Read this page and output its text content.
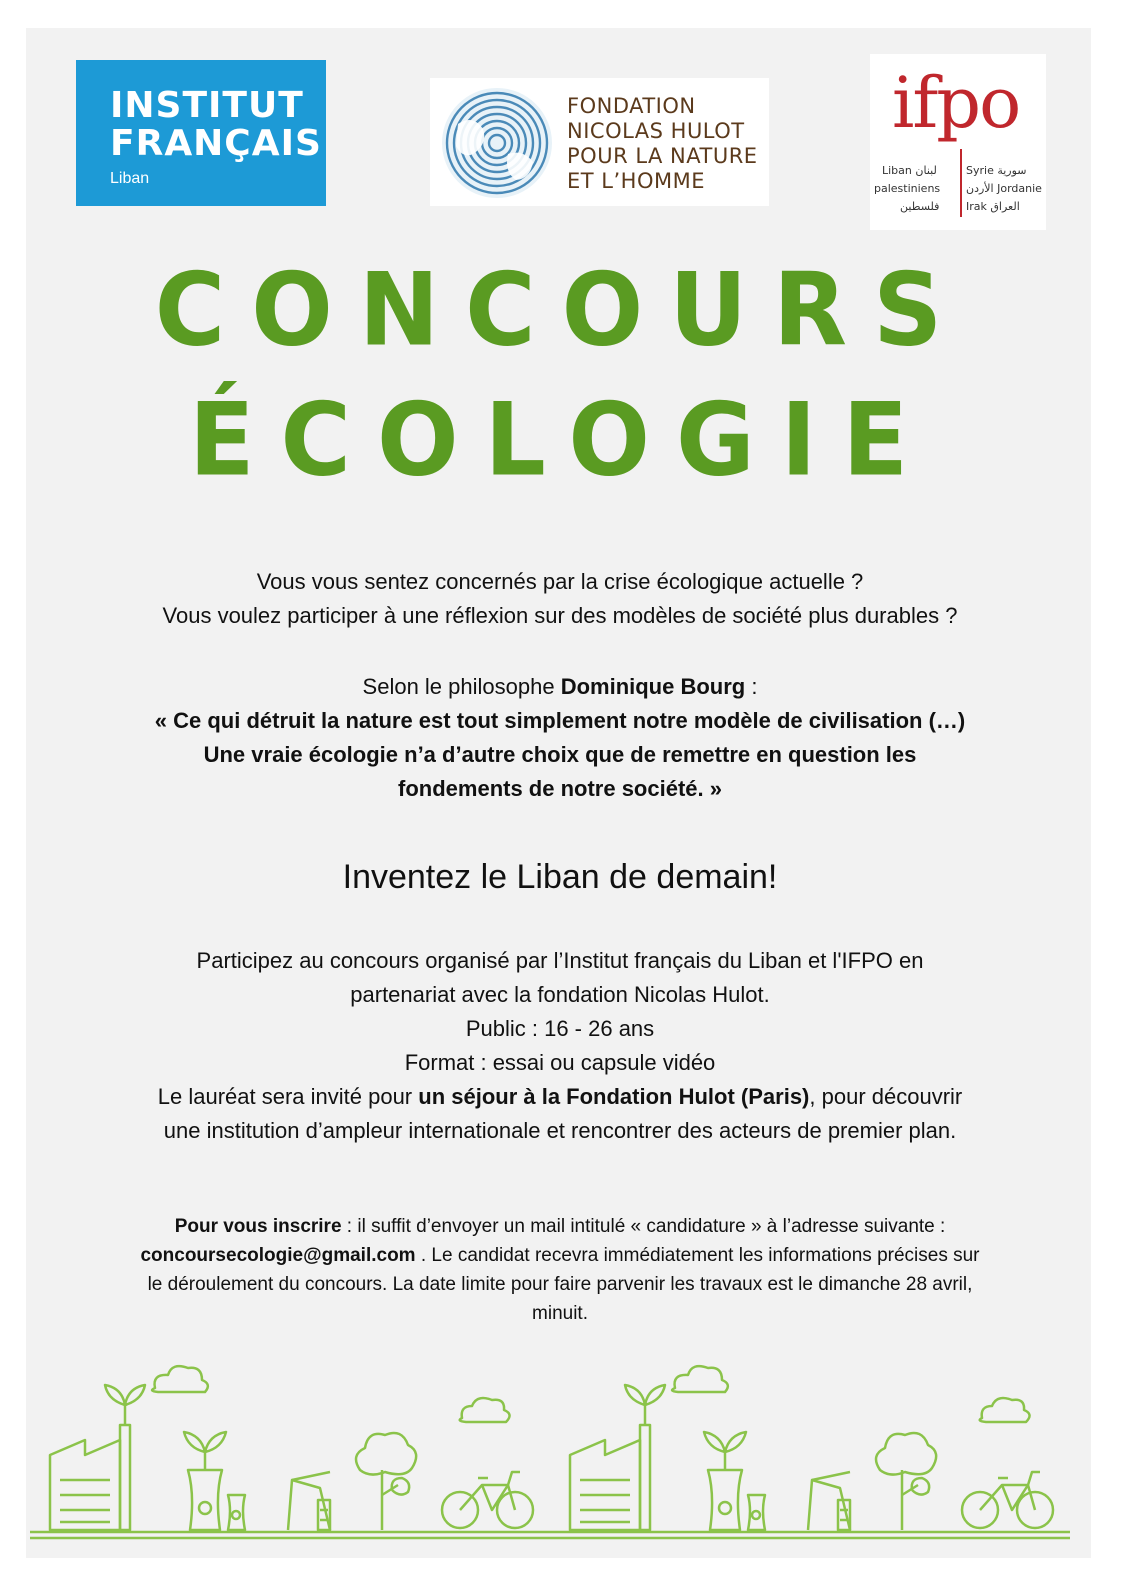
INSTITUT
FRANÇAIS
Liban
FONDATION
NICOLAS HULOT
POUR LA NATURE
ET L’HOMME
ifpo
Liban لبنان
palestiniens
فلسطين
Syrie سورية
الأردن Jordanie
Irak العراق
CONCOURS
ÉCOLOGIE
Vous vous sentez concernés par la crise écologique actuelle ?
Vous voulez participer à une réflexion sur des modèles de société plus durables ?
Selon le philosophe Dominique Bourg :
« Ce qui détruit la nature est tout simplement notre modèle de civilisation (…)
Une vraie écologie n’a d’autre choix que de remettre en question les
fondements de notre société. »
Inventez le Liban de demain!
Participez au concours organisé par l’Institut français du Liban et l'IFPO en
partenariat avec la fondation Nicolas Hulot.
Public : 16 - 26 ans
Format : essai ou capsule vidéo
Le lauréat sera invité pour un séjour à la Fondation Hulot (Paris), pour découvrir
une institution d’ampleur internationale et rencontrer des acteurs de premier plan.
Pour vous inscrire : il suffit d’envoyer un mail intitulé « candidature » à l’adresse suivante :
concoursecologie@gmail.com . Le candidat recevra immédiatement les informations précises sur
le déroulement du concours. La date limite pour faire parvenir les travaux est le dimanche 28 avril,
minuit.
